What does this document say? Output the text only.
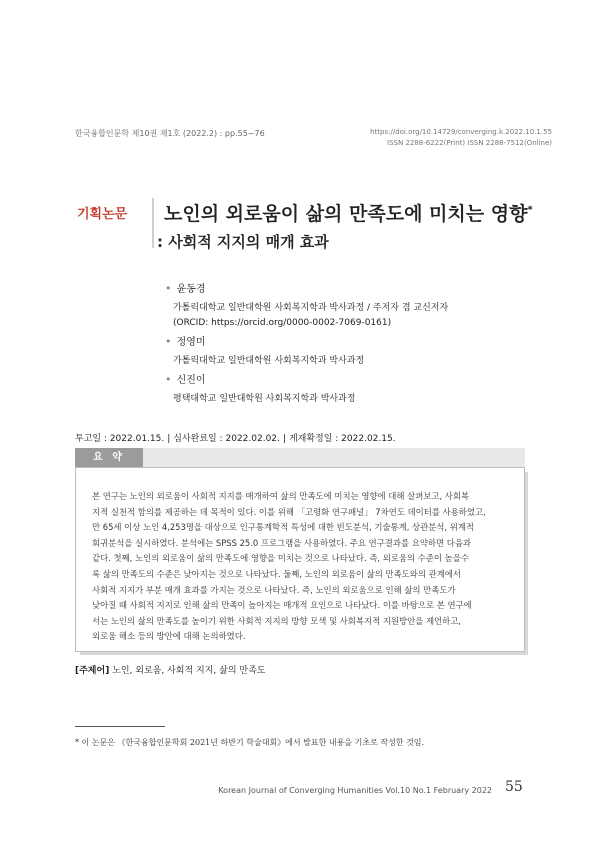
한국융합인문학 제10권 제1호 (2022.2) : pp.55~76	https://doi.org/10.14729/converging.k.2022.10.1.55
ISSN 2288-6222(Print) ISSN 2288-7512(Online)
기획논문 노인의 외로움이 삶의 만족도에 미치는 영향*
: 사회적 지지의 매개 효과
• 윤동경
가톨릭대학교 일반대학원 사회복지학과 박사과정 / 주저자 겸 교신저자
(ORCID: https://orcid.org/0000-0002-7069-0161)
• 정영미
가톨릭대학교 일반대학원 사회복지학과 박사과정
• 신진이
평택대학교 일반대학원 사회복지학과 박사과정
투고일 : 2022.01.15. | 심사완료일 : 2022.02.02. | 게재확정일 : 2022.02.15.
요 약
본 연구는 노인의 외로움이 사회적 지지를 매개하여 삶의 만족도에 미치는 영향에 대해 살펴보고, 사회복
지적 실천적 함의를 제공하는 데 목적이 있다. 이를 위해 「고령화 연구패널」 7차연도 데이터를 사용하였고,
만 65세 이상 노인 4,253명을 대상으로 인구통계학적 특성에 대한 빈도분석, 기술통계, 상관분석, 위계적
회귀분석을 실시하였다. 분석에는 SPSS 25.0 프로그램을 사용하였다. 주요 연구결과를 요약하면 다음과
같다. 첫째, 노인의 외로움이 삶의 만족도에 영향을 미치는 것으로 나타났다. 즉, 외로움의 수준이 높을수
록 삶의 만족도의 수준은 낮아지는 것으로 나타났다. 둘째, 노인의 외로움이 삶의 만족도와의 관계에서
사회적 지지가 부분 매개 효과를 가지는 것으로 나타났다. 즉, 노인의 외로움으로 인해 삶의 만족도가
낮아질 때 사회적 지지로 인해 삶의 만족이 높아지는 매개적 요인으로 나타났다. 이를 바탕으로 본 연구에
서는 노인의 삶의 만족도를 높이기 위한 사회적 지지의 방향 모색 및 사회복지적 지원방안을 제언하고,
외로움 해소 등의 방안에 대해 논의하였다.
[주제어] 노인, 외로움, 사회적 지지, 삶의 만족도
* 이 논문은 《한국융합인문학회 2021년 하반기 학술대회》에서 발표한 내용을 기초로 작성한 것임.
Korean Journal of Converging Humanities Vol.10 No.1 February 2022 55
